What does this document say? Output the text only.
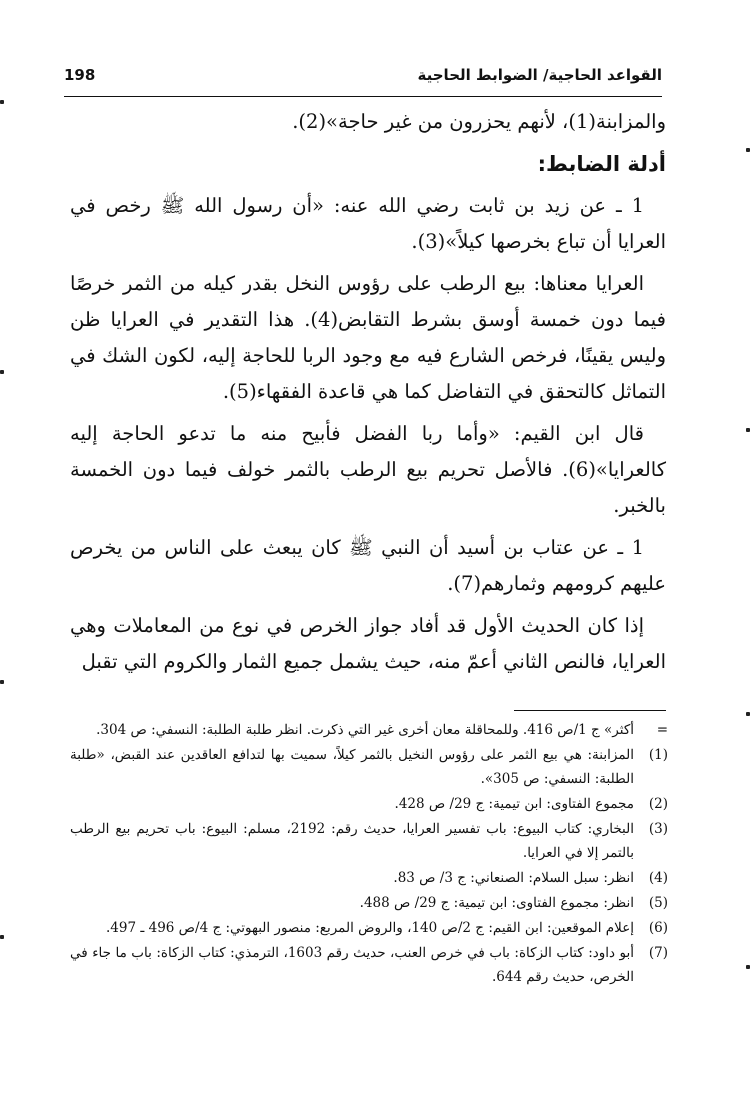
198	القواعد الحاجية/ الضوابط الحاجية

والمزابنة(1)، لأنهم يحزرون من غير حاجة»(2).

أدلة الضابط:

1 ـ عن زيد بن ثابت رضي الله عنه: «أن رسول الله ﷺ رخص في العرايا أن تباع بخرصها كيلاً»(3).

العرايا معناها: بيع الرطب على رؤوس النخل بقدر كيله من الثمر خرصًا فيما دون خمسة أوسق بشرط التقابض(4). هذا التقدير في العرايا ظن وليس يقينًا، فرخص الشارع فيه مع وجود الربا للحاجة إليه، لكون الشك في التماثل كالتحقق في التفاضل كما هي قاعدة الفقهاء(5).

قال ابن القيم: «وأما ربا الفضل فأبيح منه ما تدعو الحاجة إليه كالعرايا»(6). فالأصل تحريم بيع الرطب بالثمر خولف فيما دون الخمسة بالخبر.

1 ـ عن عتاب بن أسيد أن النبي ﷺ كان يبعث على الناس من يخرص عليهم كرومهم وثمارهم(7).

إذا كان الحديث الأول قد أفاد جواز الخرص في نوع من المعاملات وهي العرايا، فالنص الثاني أعمّ منه، حيث يشمل جميع الثمار والكروم التي تقبل

=
أكثر» ج 1/ص 416. وللمحاقلة معان أخرى غير التي ذكرت. انظر طلبة الطلبة: النسفي: ص 304.
(1)
المزابنة: هي بيع الثمر على رؤوس النخيل بالثمر كيلاً، سميت بها لتدافع العاقدين عند القبض، «طلبة الطلبة: النسفي: ص 305».
(2)
مجموع الفتاوى: ابن تيمية: ج 29/ ص 428.
(3)
البخاري: كتاب البيوع: باب تفسير العرايا، حديث رقم: 2192، مسلم: البيوع: باب تحريم بيع الرطب بالتمر إلا في العرايا.
(4)
انظر: سبل السلام: الصنعاني: ج 3/ ص 83.
(5)
انظر: مجموع الفتاوى: ابن تيمية: ج 29/ ص 488.
(6)
إعلام الموقعين: ابن القيم: ج 2/ص 140، والروض المربع: منصور البهوتي: ج 4/ص 496 ـ 497.
(7)
أبو داود: كتاب الزكاة: باب في خرص العنب، حديث رقم 1603، الترمذي: كتاب الزكاة: باب ما جاء في الخرص، حديث رقم 644.
